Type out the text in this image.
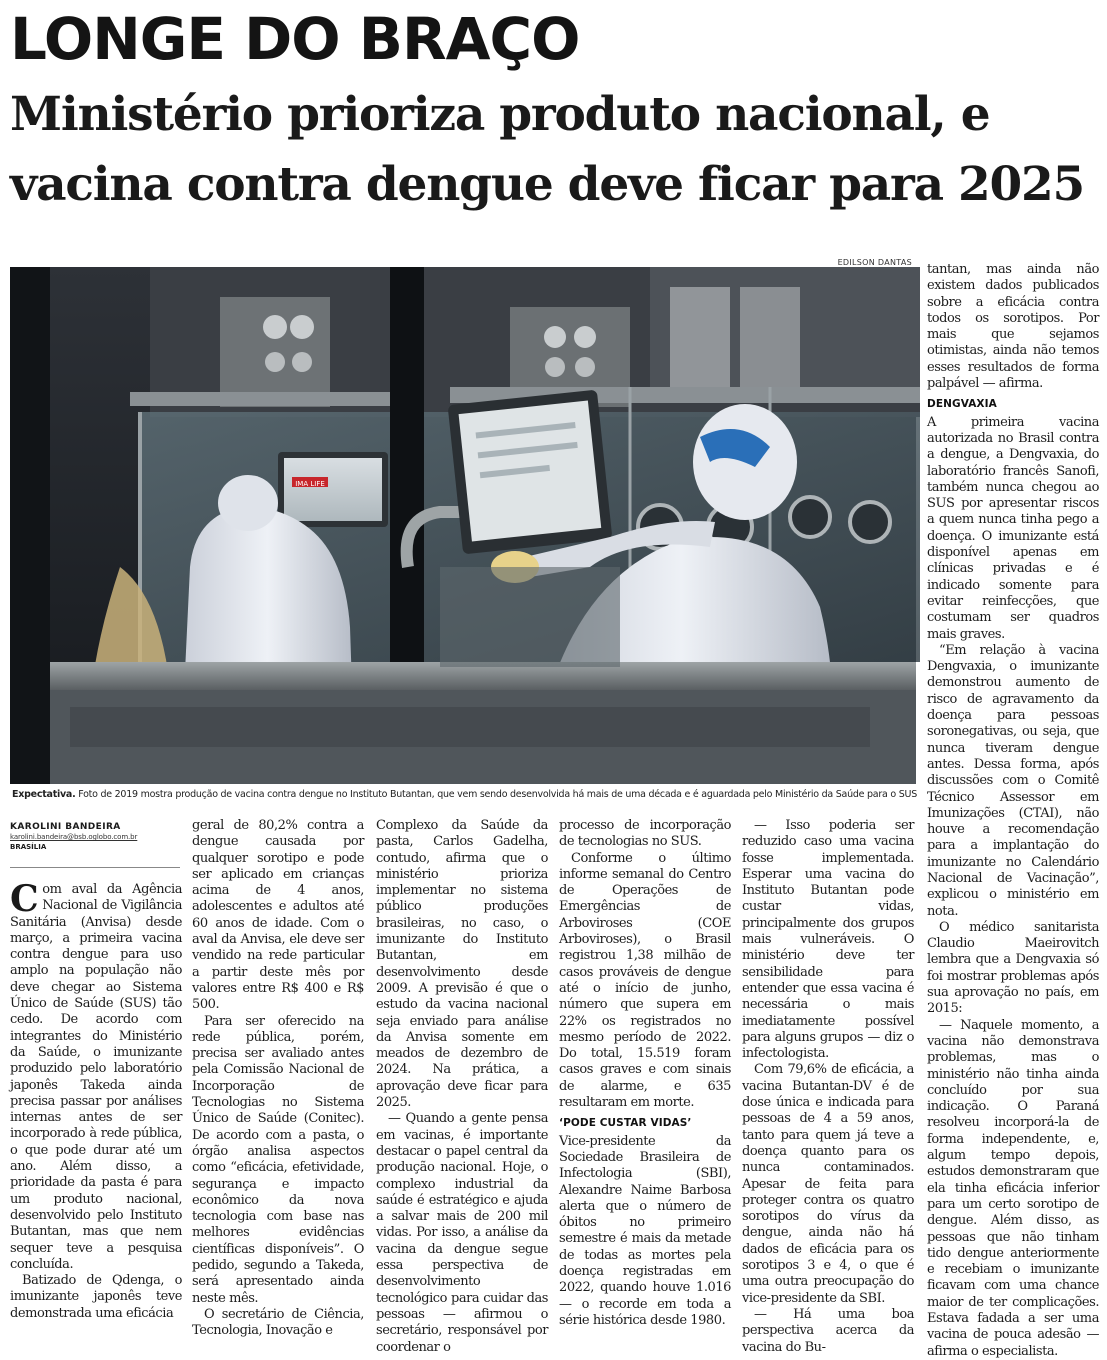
LONGE DO BRAÇO
Ministério prioriza produto nacional, e
vacina contra dengue deve ficar para 2025
EDILSON DANTAS
IMA LIFE
Expectativa. Foto de 2019 mostra produção de vacina contra dengue no Instituto Butantan, que vem sendo desenvolvida há mais de uma década e é aguardada pelo Ministério da Saúde para o SUS
KAROLINI BANDEIRA
karolini.bandeira@bsb.oglobo.com.br
BRASÍLIA

Com aval da Agência Nacional de Vigilância Sanitária (Anvisa) desde março, a primeira vacina contra dengue para uso amplo na população não deve chegar ao Sistema Único de Saúde (SUS) tão cedo. De acordo com integrantes do Ministério da Saúde, o imunizante produzido pelo laboratório japonês Takeda ainda precisa passar por análises internas antes de ser incorporado à rede pública, o que pode durar até um ano. Além disso, a prioridade da pasta é para um produto nacional, desenvolvido pelo Instituto Butantan, mas que nem sequer teve a pesquisa concluída.

Batizado de Qdenga, o imunizante japonês teve demonstrada uma eficácia

geral de 80,2% contra a dengue causada por qualquer sorotipo e pode ser aplicado em crianças acima de 4 anos, adolescentes e adultos até 60 anos de idade. Com o aval da Anvisa, ele deve ser vendido na rede particular a partir deste mês por valores entre R$ 400 e R$ 500.

Para ser oferecido na rede pública, porém, precisa ser avaliado antes pela Comissão Nacional de Incorporação de Tecnologias no Sistema Único de Saúde (Conitec). De acordo com a pasta, o órgão analisa aspectos como “eficácia, efetividade, segurança e impacto econômico da nova tecnologia com base nas melhores evidências científicas disponíveis”. O pedido, segundo a Takeda, será apresentado ainda neste mês.

O secretário de Ciência, Tecnologia, Inovação e

Complexo da Saúde da pasta, Carlos Gadelha, contudo, afirma que o ministério prioriza implementar no sistema público produções brasileiras, no caso, o imunizante do Instituto Butantan, em desenvolvimento desde 2009. A previsão é que o estudo da vacina nacional seja enviado para análise da Anvisa somente em meados de dezembro de 2024. Na prática, a aprovação deve ficar para 2025.

— Quando a gente pensa em vacinas, é importante destacar o papel central da produção nacional. Hoje, o complexo industrial da saúde é estratégico e ajuda a salvar mais de 200 mil vidas. Por isso, a análise da vacina da dengue segue essa perspectiva de desenvolvimento tecnológico para cuidar das pessoas — afirmou o secretário, responsável por coordenar o

processo de incorporação de tecnologias no SUS.

Conforme o último informe semanal do Centro de Operações de Emergências de Arboviroses (COE Arboviroses), o Brasil registrou 1,38 milhão de casos prováveis de dengue até o início de junho, número que supera em 22% os registrados no mesmo período de 2022. Do total, 15.519 foram casos graves e com sinais de alarme, e 635 resultaram em morte.

‘PODE CUSTAR VIDAS’

Vice-presidente da Sociedade Brasileira de Infectologia (SBI), Alexandre Naime Barbosa alerta que o número de óbitos no primeiro semestre é mais da metade de todas as mortes pela doença registradas em 2022, quando houve 1.016 — o recorde em toda a série histórica desde 1980.

— Isso poderia ser reduzido caso uma vacina fosse implementada. Esperar uma vacina do Instituto Butantan pode custar vidas, principalmente dos grupos mais vulneráveis. O ministério deve ter sensibilidade para entender que essa vacina é necessária o mais imediatamente possível para alguns grupos — diz o infectologista.

Com 79,6% de eficácia, a vacina Butantan-DV é de dose única e indicada para pessoas de 4 a 59 anos, tanto para quem já teve a doença quanto para os nunca contaminados. Apesar de feita para proteger contra os quatro sorotipos do vírus da dengue, ainda não há dados de eficácia para os sorotipos 3 e 4, o que é uma outra preocupação do vice-presidente da SBI.

— Há uma boa perspectiva acerca da vacina do Bu-

tantan, mas ainda não existem dados publicados sobre a eficácia contra todos os sorotipos. Por mais que sejamos otimistas, ainda não temos esses resultados de forma palpável — afirma.

DENGVAXIA

A primeira vacina autorizada no Brasil contra a dengue, a Dengvaxia, do laboratório francês Sanofi, também nunca chegou ao SUS por apresentar riscos a quem nunca tinha pego a doença. O imunizante está disponível apenas em clínicas privadas e é indicado somente para evitar reinfecções, que costumam ser quadros mais graves.

“Em relação à vacina Dengvaxia, o imunizante demonstrou aumento de risco de agravamento da doença para pessoas soronegativas, ou seja, que nunca tiveram dengue antes. Dessa forma, após discussões com o Comitê Técnico Assessor em Imunizações (CTAI), não houve a recomendação para a implantação do imunizante no Calendário Nacional de Vacinação”, explicou o ministério em nota.

O médico sanitarista Claudio Maeirovitch lembra que a Dengvaxia só foi mostrar problemas após sua aprovação no país, em 2015:

— Naquele momento, a vacina não demonstrava problemas, mas o ministério não tinha ainda concluído por sua indicação. O Paraná resolveu incorporá-la de forma independente, e, algum tempo depois, estudos demonstraram que ela tinha eficácia inferior para um certo sorotipo de dengue. Além disso, as pessoas que não tinham tido dengue anteriormente e recebiam o imunizante ficavam com uma chance maior de ter complicações. Estava fadada a ser uma vacina de pouca adesão — afirma o especialista.
